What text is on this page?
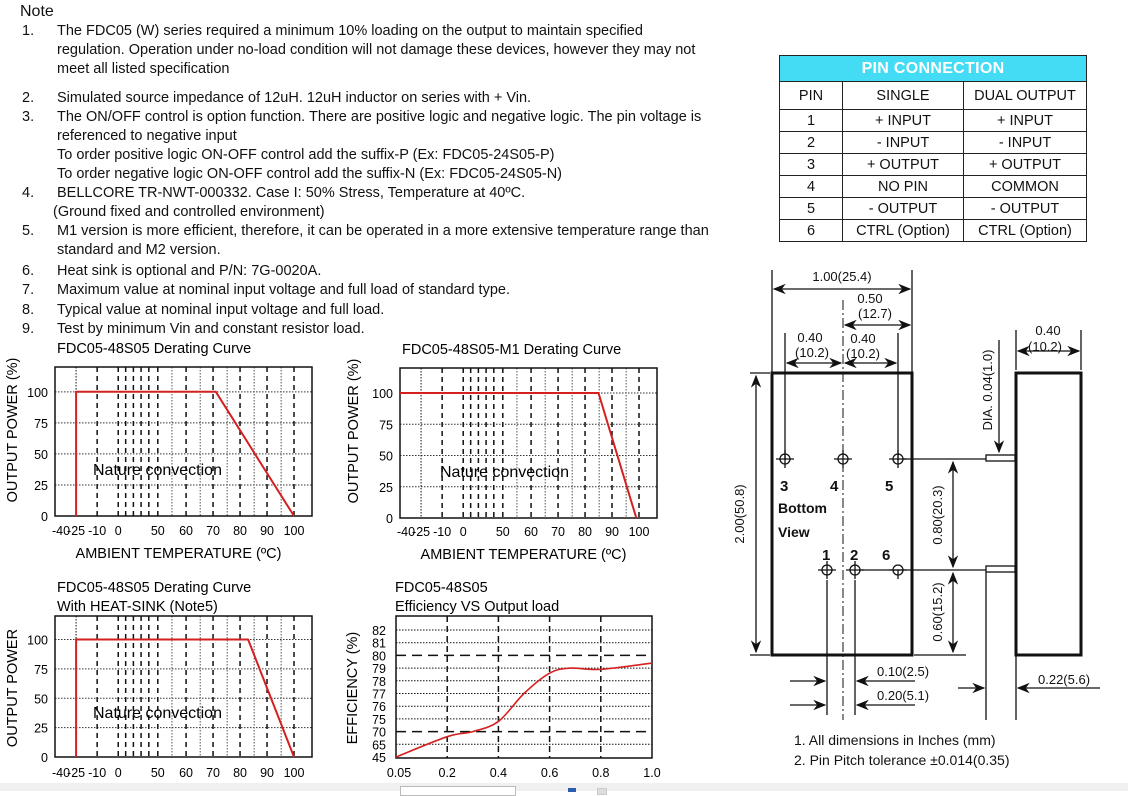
Note
1. The FDC05 (W) series required a minimum 10% loading on the output to maintain specified
regulation. Operation under no-load condition will not damage these devices, however they may not
meet all listed specification
2. Simulated source impedance of 12uH. 12uH inductor on series with + Vin.
3. The ON/OFF control is option function. There are positive logic and negative logic. The pin voltage is
referenced to negative input
To order positive logic ON-OFF control add the suffix-P (Ex: FDC05-24S05-P)
To order negative logic ON-OFF control add the suffix-N (Ex: FDC05-24S05-N)
4. BELLCORE TR-NWT-000332. Case I: 50% Stress, Temperature at 40ºC.
(Ground fixed and controlled environment)
5. M1 version is more efficient, therefore, it can be operated in a more extensive temperature range than
standard and M2 version.
6. Heat sink is optional and P/N: 7G-0020A.
7. Maximum value at nominal input voltage and full load of standard type.
8. Typical value at nominal input voltage and full load.
9. Test by minimum Vin and constant resistor load.
PIN CONNECTION		
PIN	SINGLE	DUAL OUTPUT
1	+ INPUT	+ INPUT
2	- INPUT	- INPUT
3	+ OUTPUT	+ OUTPUT
4	NO PIN	COMMON
5	- OUTPUT	- OUTPUT
6	CTRL (Option)	CTRL (Option)
FDC05-48S05 Derating Curve
OUTPUT POWER (%)
AMBIENT TEMPERATURE (ºC)
0
25
50
75
100
-40
-25 -10 0 50 60 70 80 90 100
Nature convection
FDC05-48S05-M1 Derating Curve
OUTPUT POWER (%)
AMBIENT TEMPERATURE (ºC)
0
25
50
75
100
-40
-25 -10 0 50 60 70 80 90 100
Nature convection
FDC05-48S05 Derating Curve
With HEAT-SINK (Note5)
OUTPUT POWER
0
25
50
75
100
-40
-25 -10 0 50 60 70 80 90 100
Nature convection
FDC05-48S05
Efficiency VS Output load
EFFICIENCY (%)
45
65
70
75
76
77
78
79
80
81
82
0.05 0.2	0.4	0.6	0.8	1.0
1.00(25.4)
0.50
(12.7)
0.40
(10.2)
0.40
(10.2)
2.00(50.8)	0.80(20.3)
0.60(15.2)
0.10(2.5)
0.20(5.1)
0.40
(10.2)
DIA. 0.04(1.0)
0.22(5.6)
3	4	5
1 2 6
Bottom
View
1. All dimensions in Inches (mm)
2. Pin Pitch tolerance ±0.014(0.35)
